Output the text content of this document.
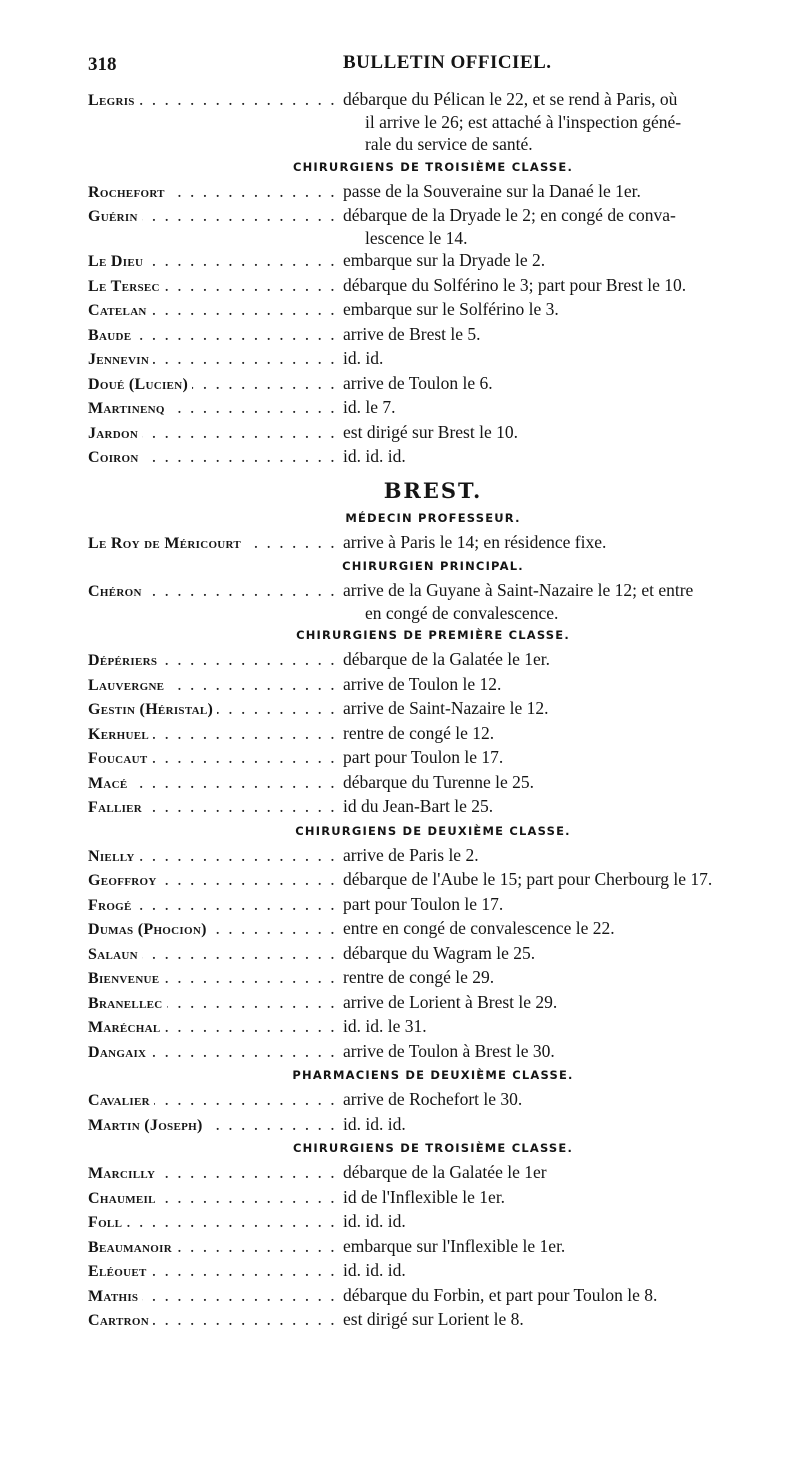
318	BULLETIN OFFICIEL.
Legris . . .	débarque du Pélican le 22, et se rend à Paris, où
il arrive le 26; est attaché à l'inspection géné-
rale du service de santé.
CHIRURGIENS DE TROISIÈME CLASSE.
Rochefort . . .	passe de la Souveraine sur la Danaé le 1er.
Guérin . . .	débarque de la Dryade le 2; en congé de conva-
lescence le 14.
Le Dieu . . .	embarque sur la Dryade le 2.
Le Tersec . . .	débarque du Solférino le 3; part pour Brest le 10.
Catelan . . .	embarque sur le Solférino le 3.
Baude . . .	arrive de Brest le 5.
Jennevin . . .	id. id.
Doué (Lucien) . . .	arrive de Toulon le 6.
Martinenq . . .	id. le 7.
Jardon . . .	est dirigé sur Brest le 10.
Coiron . . .	id. id. id.
BREST.
MÉDECIN PROFESSEUR.
Le Roy de Méricourt . . .	arrive à Paris le 14; en résidence fixe.
CHIRURGIEN PRINCIPAL.
Chéron . . .	arrive de la Guyane à Saint-Nazaire le 12; et entre
en congé de convalescence.
CHIRURGIENS DE PREMIÈRE CLASSE.
Dépériers . . .	débarque de la Galatée le 1er.
Lauvergne . . .	arrive de Toulon le 12.
Gestin (Héristal) . . .	arrive de Saint-Nazaire le 12.
Kerhuel . . .	rentre de congé le 12.
Foucaut . . .	part pour Toulon le 17.
Macé . . .	débarque du Turenne le 25.
Fallier . . .	id du Jean-Bart le 25.
CHIRURGIENS DE DEUXIÈME CLASSE.
Nielly . . .	arrive de Paris le 2.
Geoffroy . . .	débarque de l'Aube le 15; part pour Cherbourg le 17.
Frogé . . .	part pour Toulon le 17.
Dumas (Phocion) . . .	entre en congé de convalescence le 22.
Salaun . . .	débarque du Wagram le 25.
Bienvenue . . .	rentre de congé le 29.
Branellec . . .	arrive de Lorient à Brest le 29.
Maréchal . . .	id. id. le 31.
Dangaix . . .	arrive de Toulon à Brest le 30.
PHARMACIENS DE DEUXIÈME CLASSE.
Cavalier . . .	arrive de Rochefort le 30.
Martin (Joseph) . . .	id. id. id.
CHIRURGIENS DE TROISIÈME CLASSE.
Marcilly . . .	débarque de la Galatée le 1er
Chaumeil . . .	id de l'Inflexible le 1er.
Foll . . .	id. id. id.
Beaumanoir . . .	embarque sur l'Inflexible le 1er.
Eléouet . . .	id. id. id.
Mathis . . .	débarque du Forbin, et part pour Toulon le 8.
Cartron . . .	est dirigé sur Lorient le 8.
